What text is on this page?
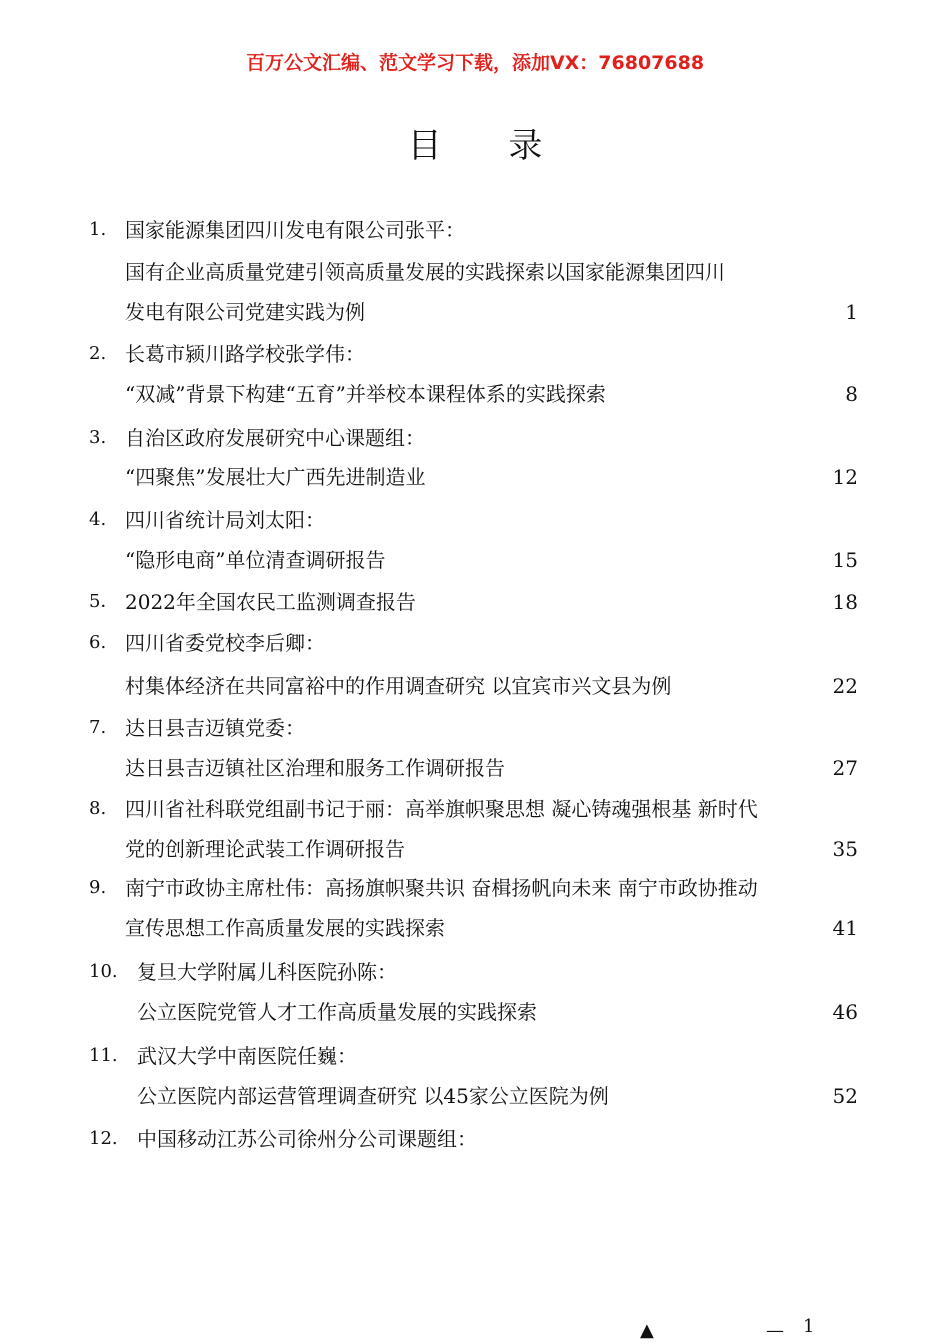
百万公文汇编、范文学习下载，添加VX：76807688
目 录
1. 国家能源集团四川发电有限公司张平：
国有企业高质量党建引领高质量发展的实践探索以国家能源集团四川
发电有限公司党建实践为例	1
2. 长葛市颍川路学校张学伟：
“双减”背景下构建“五育”并举校本课程体系的实践探索	8
3. 自治区政府发展研究中心课题组：
“四聚焦”发展壮大广西先进制造业	12
4. 四川省统计局刘太阳：
“隐形电商”单位清查调研报告	15
5． 2022年全国农民工监测调查报告	18
6. 四川省委党校李后卿：
村集体经济在共同富裕中的作用调查研究 以宜宾市兴文县为例	22
7. 达日县吉迈镇党委：
达日县吉迈镇社区治理和服务工作调研报告	27
8. 四川省社科联党组副书记于丽：高举旗帜聚思想 凝心铸魂强根基 新时代
党的创新理论武装工作调研报告	35
9. 南宁市政协主席杜伟：高扬旗帜聚共识 奋楫扬帆向未来 南宁市政协推动
宣传思想工作高质量发展的实践探索	41
10. 复旦大学附属儿科医院孙陈：
公立医院党管人才工作高质量发展的实践探索	46
11. 武汉大学中南医院任巍：
公立医院内部运营管理调查研究 以45家公立医院为例	52
12. 中国移动江苏公司徐州分公司课题组：
▲	— 1
